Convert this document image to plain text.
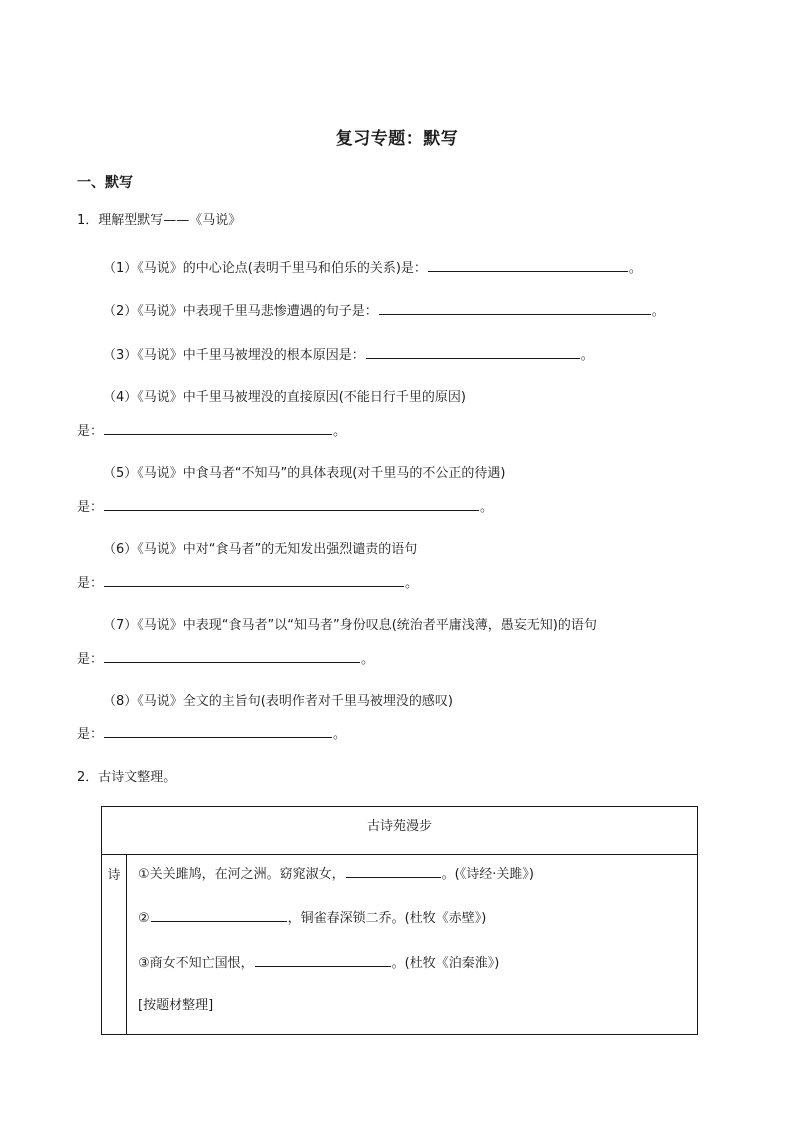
复习专题：默写
一、默写
1．理解型默写——《马说》
（1）《马说》的中心论点(表明千里马和伯乐的关系)是：	。
（2）《马说》中表现千里马悲惨遭遇的句子是：	。
（3）《马说》中千里马被埋没的根本原因是：	。
（4）《马说》中千里马被埋没的直接原因(不能日行千里的原因)
是：	。
（5）《马说》中食马者“不知马”的具体表现(对千里马的不公正的待遇)
是：	。
（6）《马说》中对“食马者”的无知发出强烈谴责的语句
是：	。
（7）《马说》中表现“食马者”以“知马者”身份叹息(统治者平庸浅薄，愚妄无知)的语句
是：	。
（8）《马说》全文的主旨句(表明作者对千里马被埋没的感叹)
是：	。
2．古诗文整理。
古诗苑漫步
诗	①关关雎鸠，在河之洲。窈窕淑女，	。(《诗经·关雎》)
②	，铜雀春深锁二乔。(杜牧《赤壁》)
③商女不知亡国恨，	。(杜牧《泊秦淮》)
[按题材整理]
